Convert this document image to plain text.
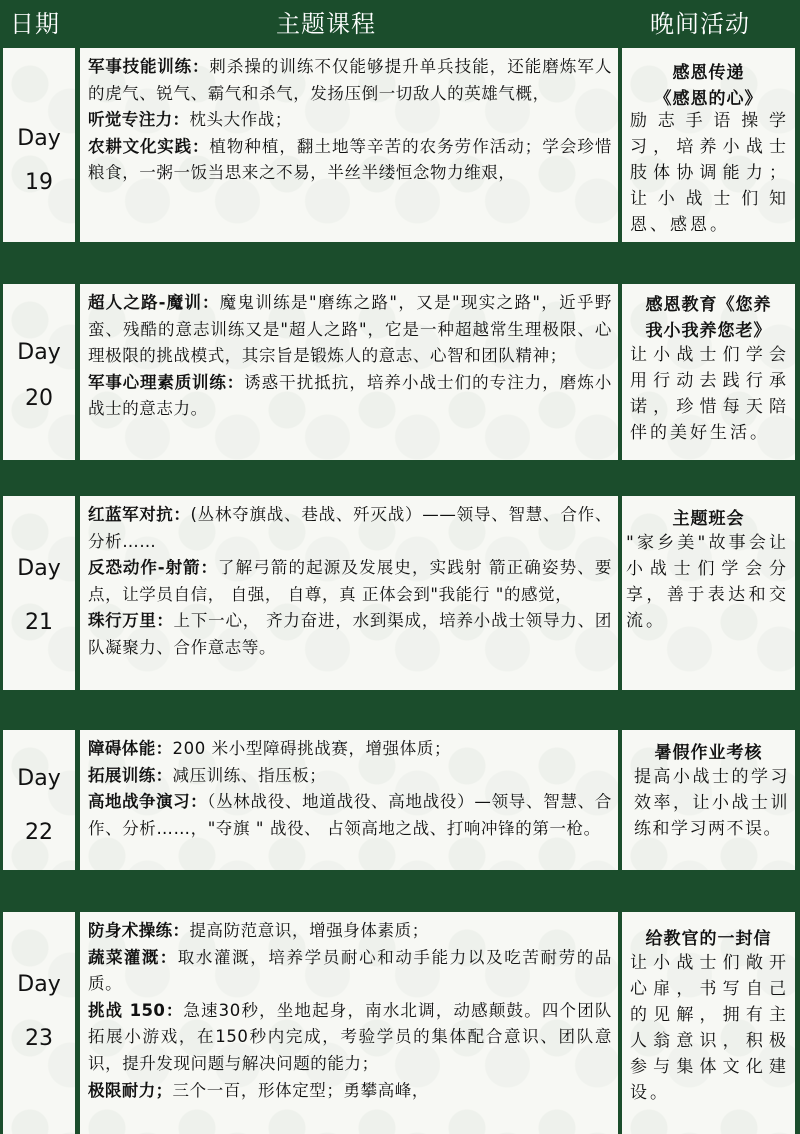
日期	主题课程	晚间活动
Day
19
军事技能训练：刺杀操的训练不仅能够提升单兵技能，还能磨炼军人的虎气、锐气、霸气和杀气，发扬压倒一切敌人的英雄气概，
听觉专注力：枕头大作战；
农耕文化实践：植物种植，翻土地等辛苦的农务劳作活动；学会珍惜粮食，一粥一饭当思来之不易，半丝半缕恒念物力维艰，
感恩传递
《感恩的心》
励志手语操学习，培养小战士肢体协调能力；让小战士们知恩、感恩。
Day
20
超人之路-魔训：魔鬼训练是"磨练之路"，又是"现实之路"，近乎野蛮、残酷的意志训练又是"超人之路"，它是一种超越常生理极限、心理极限的挑战模式，其宗旨是锻炼人的意志、心智和团队精神；
军事心理素质训练：诱惑干扰抵抗，培养小战士们的专注力，磨炼小战士的意志力。
感恩教育《您养
我小我养您老》
让小战士们学会用行动去践行承诺，珍惜每天陪伴的美好生活。
Day
21
红蓝军对抗：(丛林夺旗战、巷战、歼灭战）——领导、智慧、合作、分析……
反恐动作-射箭：了解弓箭的起源及发展史，实践射 箭正确姿势、要点，让学员自信， 自强， 自尊，真 正体会到"我能行 "的感觉，
珠行万里：上下一心， 齐力奋进，水到渠成，培养小战士领导力、团队凝聚力、合作意志等。
主题班会
"家乡美"故事会让小战士们学会分享，善于表达和交流。
Day
22
障碍体能：200 米小型障碍挑战赛，增强体质；
拓展训练：减压训练、指压板；
高地战争演习：（丛林战役、地道战役、高地战役）—领导、智慧、合作、分析……，"夺旗 " 战役、 占领高地之战、打响冲锋的第一枪。
暑假作业考核
提高小战士的学习效率，让小战士训练和学习两不误。
Day
23
防身术操练：提高防范意识，增强身体素质；
蔬菜灌溉：取水灌溉，培养学员耐心和动手能力以及吃苦耐劳的品质。
挑战 150：急速30秒，坐地起身，南水北调，动感颠鼓。四个团队拓展小游戏，在150秒内完成，考验学员的集体配合意识、团队意识，提升发现问题与解决问题的能力；
极限耐力；三个一百，形体定型；勇攀高峰，
给教官的一封信
让小战士们敞开心扉，书写自己的见解，拥有主人翁意识，积极参与集体文化建设。
